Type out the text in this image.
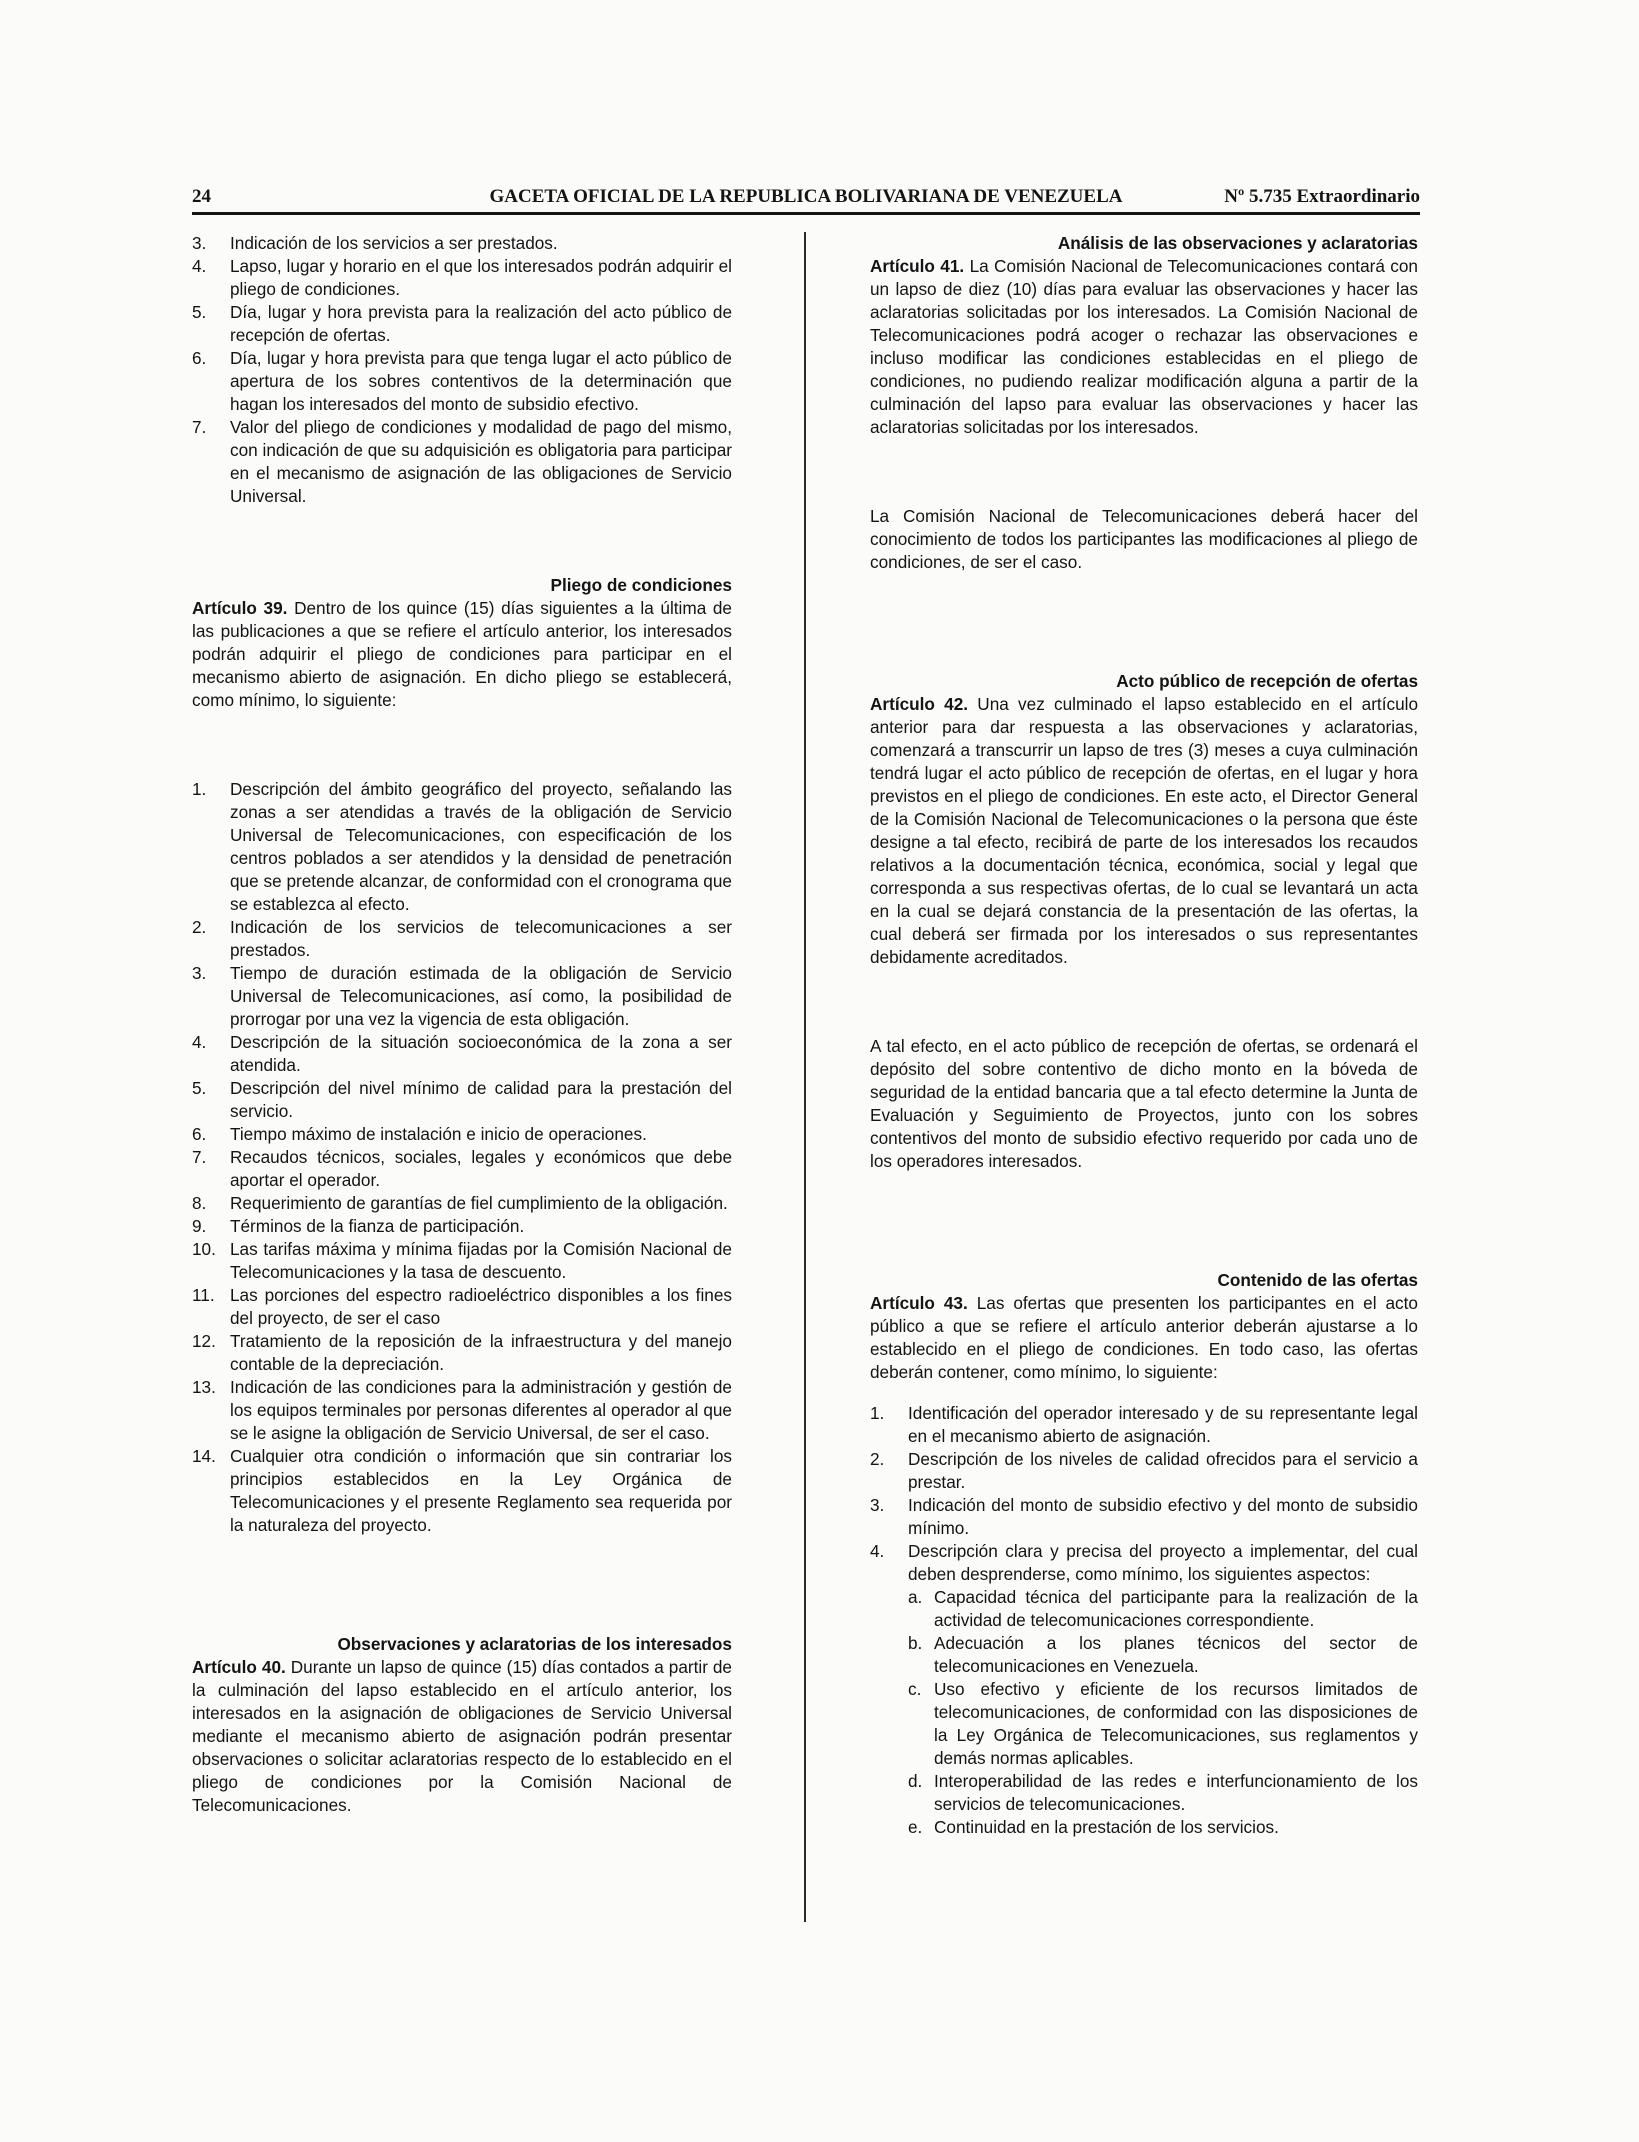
24	GACETA OFICIAL DE LA REPUBLICA BOLIVARIANA DE VENEZUELA	Nº 5.735 Extraordinario
3. Indicación de los servicios a ser prestados.
4. Lapso, lugar y horario en el que los interesados podrán adquirir el pliego de condiciones.
5. Día, lugar y hora prevista para la realización del acto público de recepción de ofertas.
6. Día, lugar y hora prevista para que tenga lugar el acto público de apertura de los sobres contentivos de la determinación que hagan los interesados del monto de subsidio efectivo.
7. Valor del pliego de condiciones y modalidad de pago del mismo, con indicación de que su adquisición es obligatoria para participar en el mecanismo de asignación de las obligaciones de Servicio Universal.

Pliego de condiciones

Artículo 39. Dentro de los quince (15) días siguientes a la última de las publicaciones a que se refiere el artículo anterior, los interesados podrán adquirir el pliego de condiciones para participar en el mecanismo abierto de asignación. En dicho pliego se establecerá, como mínimo, lo siguiente:

1. Descripción del ámbito geográfico del proyecto, señalando las zonas a ser atendidas a través de la obligación de Servicio Universal de Telecomunicaciones, con especificación de los centros poblados a ser atendidos y la densidad de penetración que se pretende alcanzar, de conformidad con el cronograma que se establezca al efecto.
2. Indicación de los servicios de telecomunicaciones a ser prestados.
3. Tiempo de duración estimada de la obligación de Servicio Universal de Telecomunicaciones, así como, la posibilidad de prorrogar por una vez la vigencia de esta obligación.
4. Descripción de la situación socioeconómica de la zona a ser atendida.
5. Descripción del nivel mínimo de calidad para la prestación del servicio.
6. Tiempo máximo de instalación e inicio de operaciones.
7. Recaudos técnicos, sociales, legales y económicos que debe aportar el operador.
8. Requerimiento de garantías de fiel cumplimiento de la obligación.
9. Términos de la fianza de participación.
10. Las tarifas máxima y mínima fijadas por la Comisión Nacional de Telecomunicaciones y la tasa de descuento.
11. Las porciones del espectro radioeléctrico disponibles a los fines del proyecto, de ser el caso
12. Tratamiento de la reposición de la infraestructura y del manejo contable de la depreciación.
13. Indicación de las condiciones para la administración y gestión de los equipos terminales por personas diferentes al operador al que se le asigne la obligación de Servicio Universal, de ser el caso.
14. Cualquier otra condición o información que sin contrariar los principios establecidos en la Ley Orgánica de Telecomunicaciones y el presente Reglamento sea requerida por la naturaleza del proyecto.

Observaciones y aclaratorias de los interesados

Artículo 40. Durante un lapso de quince (15) días contados a partir de la culminación del lapso establecido en el artículo anterior, los interesados en la asignación de obligaciones de Servicio Universal mediante el mecanismo abierto de asignación podrán presentar observaciones o solicitar aclaratorias respecto de lo establecido en el pliego de condiciones por la Comisión Nacional de Telecomunicaciones.

Análisis de las observaciones y aclaratorias

Artículo 41. La Comisión Nacional de Telecomunicaciones contará con un lapso de diez (10) días para evaluar las observaciones y hacer las aclaratorias solicitadas por los interesados. La Comisión Nacional de Telecomunicaciones podrá acoger o rechazar las observaciones e incluso modificar las condiciones establecidas en el pliego de condiciones, no pudiendo realizar modificación alguna a partir de la culminación del lapso para evaluar las observaciones y hacer las aclaratorias solicitadas por los interesados.

La Comisión Nacional de Telecomunicaciones deberá hacer del conocimiento de todos los participantes las modificaciones al pliego de condiciones, de ser el caso.

Acto público de recepción de ofertas

Artículo 42. Una vez culminado el lapso establecido en el artículo anterior para dar respuesta a las observaciones y aclaratorias, comenzará a transcurrir un lapso de tres (3) meses a cuya culminación tendrá lugar el acto público de recepción de ofertas, en el lugar y hora previstos en el pliego de condiciones. En este acto, el Director General de la Comisión Nacional de Telecomunicaciones o la persona que éste designe a tal efecto, recibirá de parte de los interesados los recaudos relativos a la documentación técnica, económica, social y legal que corresponda a sus respectivas ofertas, de lo cual se levantará un acta en la cual se dejará constancia de la presentación de las ofertas, la cual deberá ser firmada por los interesados o sus representantes debidamente acreditados.

A tal efecto, en el acto público de recepción de ofertas, se ordenará el depósito del sobre contentivo de dicho monto en la bóveda de seguridad de la entidad bancaria que a tal efecto determine la Junta de Evaluación y Seguimiento de Proyectos, junto con los sobres contentivos del monto de subsidio efectivo requerido por cada uno de los operadores interesados.

Contenido de las ofertas

Artículo 43. Las ofertas que presenten los participantes en el acto público a que se refiere el artículo anterior deberán ajustarse a lo establecido en el pliego de condiciones. En todo caso, las ofertas deberán contener, como mínimo, lo siguiente:

1. Identificación del operador interesado y de su representante legal en el mecanismo abierto de asignación.
2. Descripción de los niveles de calidad ofrecidos para el servicio a prestar.
3. Indicación del monto de subsidio efectivo y del monto de subsidio mínimo.
4. Descripción clara y precisa del proyecto a implementar, del cual deben desprenderse, como mínimo, los siguientes aspectos:
a. Capacidad técnica del participante para la realización de la actividad de telecomunicaciones correspondiente.
b. Adecuación a los planes técnicos del sector de telecomunicaciones en Venezuela.
c. Uso efectivo y eficiente de los recursos limitados de telecomunicaciones, de conformidad con las disposiciones de la Ley Orgánica de Telecomunicaciones, sus reglamentos y demás normas aplicables.
d. Interoperabilidad de las redes e interfuncionamiento de los servicios de telecomunicaciones.
e. Continuidad en la prestación de los servicios.
